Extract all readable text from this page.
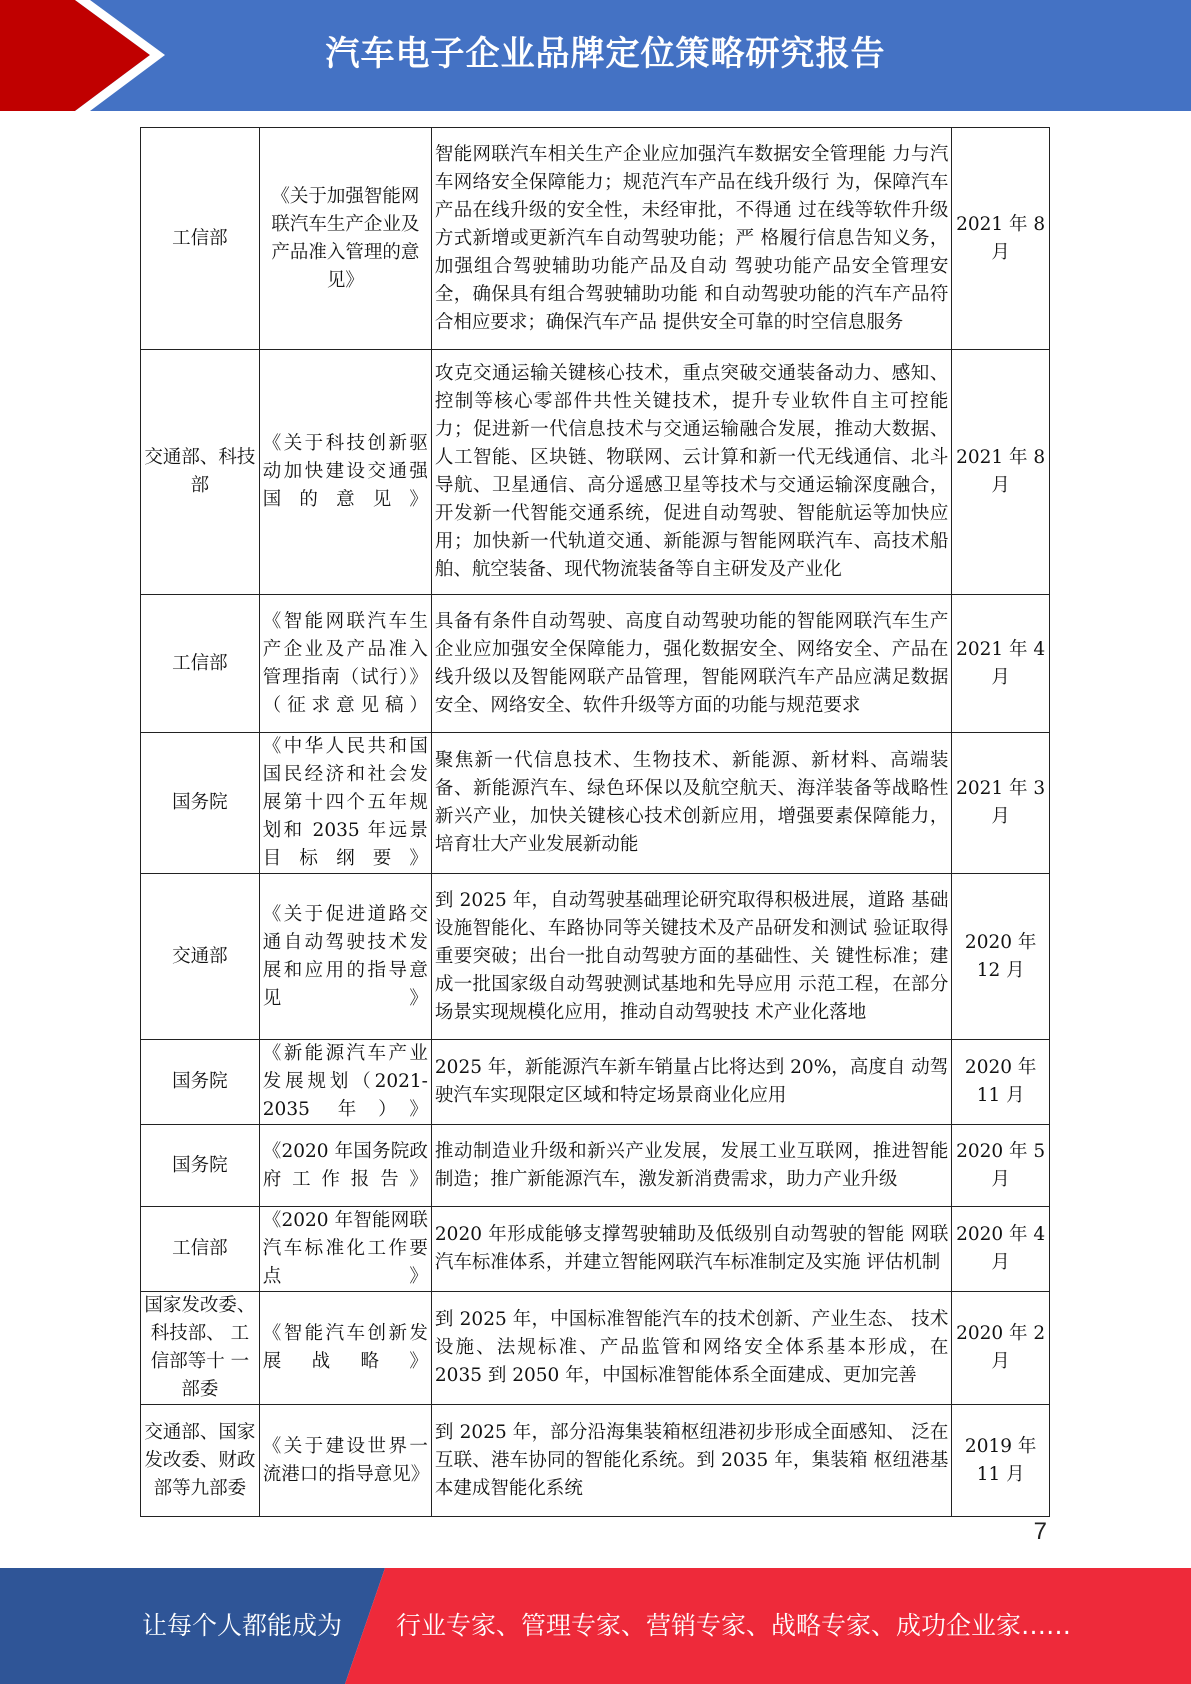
汽车电子企业品牌定位策略研究报告
工信部	《关于加强智能网联汽车生产企业及产品准入管理的意见》	智能网联汽车相关生产企业应加强汽车数据安全管理能 力与汽车网络安全保障能力；规范汽车产品在线升级行 为，保障汽车产品在线升级的安全性，未经审批，不得通 过在线等软件升级方式新增或更新汽车自动驾驶功能；严 格履行信息告知义务，加强组合驾驶辅助功能产品及自动 驾驶功能产品安全管理安全，确保具有组合驾驶辅助功能 和自动驾驶功能的汽车产品符合相应要求；确保汽车产品 提供安全可靠的时空信息服务	2021 年 8 月
交通部、科技部	《关于科技创新驱动加快建设交通强国的意见》	攻克交通运输关键核心技术，重点突破交通装备动力、感知、控制等核心零部件共性关键技术，提升专业软件自主可控能力；促进新一代信息技术与交通运输融合发展，推动大数据、人工智能、区块链、物联网、云计算和新一代无线通信、北斗导航、卫星通信、高分遥感卫星等技术与交通运输深度融合，开发新一代智能交通系统，促进自动驾驶、智能航运等加快应用；加快新一代轨道交通、新能源与智能网联汽车、高技术船舶、航空装备、现代物流装备等自主研发及产业化	2021 年 8 月
工信部	《智能网联汽车生产企业及产品准入管理指南（试行）》（征求意见稿）	具备有条件自动驾驶、高度自动驾驶功能的智能网联汽车生产企业应加强安全保障能力，强化数据安全、网络安全、产品在线升级以及智能网联产品管理，智能网联汽车产品应满足数据安全、网络安全、软件升级等方面的功能与规范要求	2021 年 4 月
国务院	《中华人民共和国国民经济和社会发展第十四个五年规划和 2035 年远景目标纲要》	聚焦新一代信息技术、生物技术、新能源、新材料、高端装备、新能源汽车、绿色环保以及航空航天、海洋装备等战略性新兴产业，加快关键核心技术创新应用，增强要素保障能力，培育壮大产业发展新动能	2021 年 3 月
交通部	《关于促进道路交通自动驾驶技术发展和应用的指导意见》	到 2025 年，自动驾驶基础理论研究取得积极进展，道路 基础设施智能化、车路协同等关键技术及产品研发和测试 验证取得重要突破；出台一批自动驾驶方面的基础性、关 键性标准；建成一批国家级自动驾驶测试基地和先导应用 示范工程，在部分场景实现规模化应用，推动自动驾驶技 术产业化落地	2020 年 12 月
国务院	《新能源汽车产业发展规划（2021-2035 年）》	2025 年，新能源汽车新车销量占比将达到 20%，高度自 动驾驶汽车实现限定区域和特定场景商业化应用	2020 年 11 月
国务院	《2020 年国务院政府工作报告》	推动制造业升级和新兴产业发展，发展工业互联网，推进智能制造；推广新能源汽车，激发新消费需求，助力产业升级	2020 年 5 月
工信部	《2020 年智能网联汽车标准化工作要点》	2020 年形成能够支撑驾驶辅助及低级别自动驾驶的智能 网联汽车标准体系，并建立智能网联汽车标准制定及实施 评估机制	2020 年 4 月
国家发改委、科技部、 工信部等十 一部委	《智能汽车创新发展战略》	到 2025 年，中国标准智能汽车的技术创新、产业生态、 技术设施、法规标准、产品监管和网络安全体系基本形成，在 2035 到 2050 年，中国标准智能体系全面建成、更加完善	2020 年 2 月
交通部、国家发改委、财政部等九部委	《关于建设世界一流港口的指导意见》	到 2025 年，部分沿海集装箱枢纽港初步形成全面感知、 泛在互联、港车协同的智能化系统。到 2035 年，集装箱 枢纽港基本建成智能化系统	2019 年 11 月
7
让每个人都能成为 行业专家、管理专家、营销专家、战略专家、成功企业家……
